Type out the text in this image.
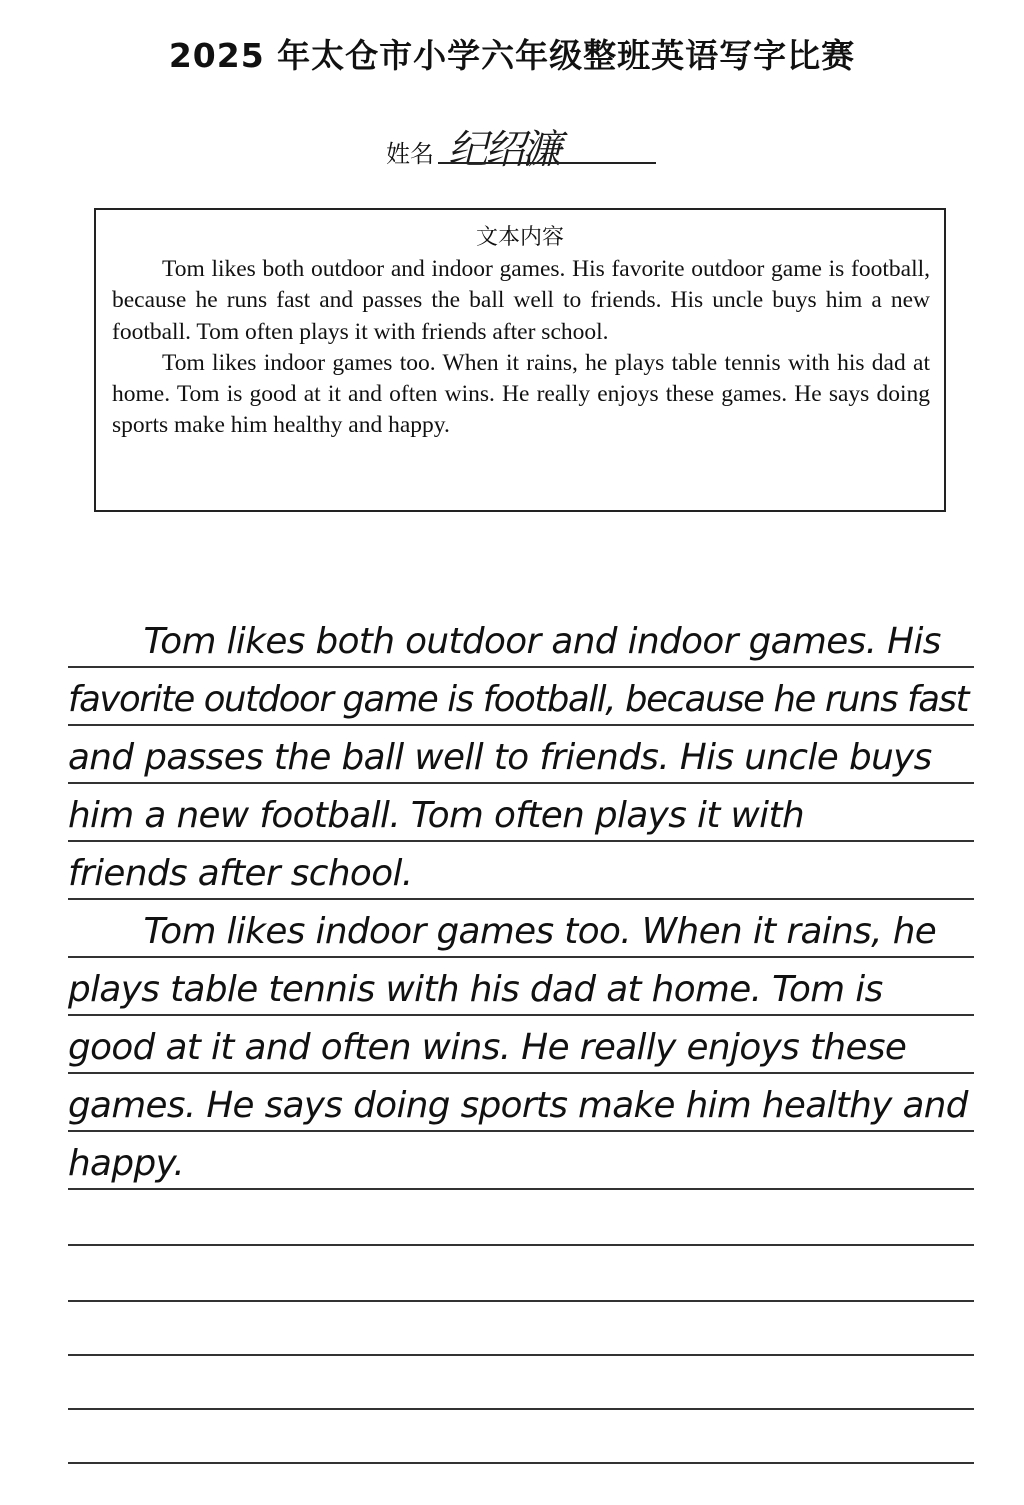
2025 年太仓市小学六年级整班英语写字比赛
姓名 纪绍濂
文本内容

Tom likes both outdoor and indoor games. His favorite outdoor game is football, because he runs fast and passes the ball well to friends. His uncle buys him a new football. Tom often plays it with friends after school.

Tom likes indoor games too. When it rains, he plays table tennis with his dad at home. Tom is good at it and often wins. He really enjoys these games. He says doing sports make him healthy and happy.

Tom likes both outdoor and indoor games. His
favorite outdoor game is football, because he runs fast
and passes the ball well to friends. His uncle buys
him a new football. Tom often plays it with
friends after school.
Tom likes indoor games too. When it rains, he
plays table tennis with his dad at home. Tom is
good at it and often wins. He really enjoys these
games. He says doing sports make him healthy and
happy.
